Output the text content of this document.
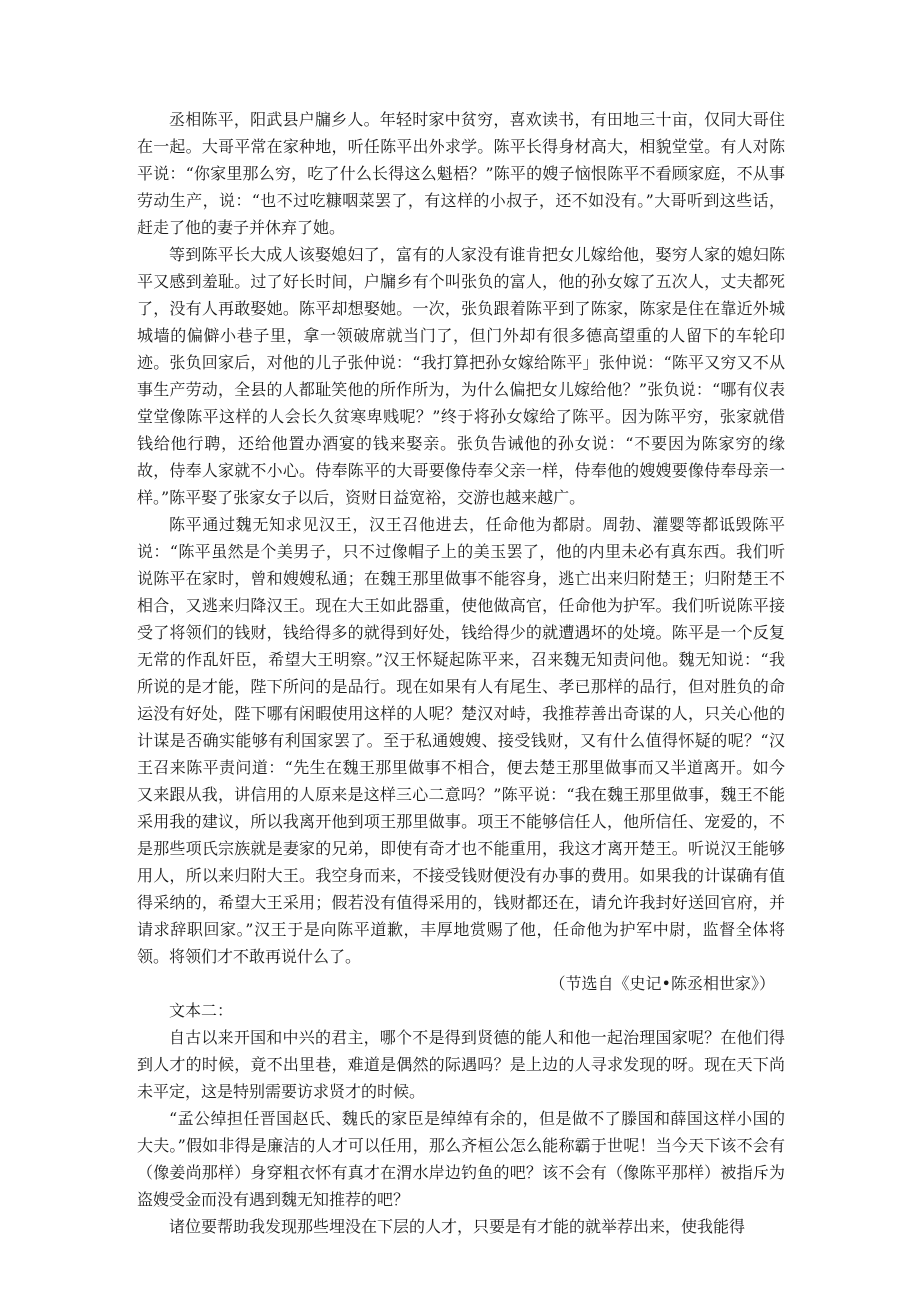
丞相陈平，阳武县户牖乡人。年轻时家中贫穷，喜欢读书，有田地三十亩，仅同大哥住在一起。大哥平常在家种地，听任陈平出外求学。陈平长得身材高大，相貌堂堂。有人对陈平说：“你家里那么穷，吃了什么长得这么魁梧？”陈平的嫂子恼恨陈平不看顾家庭，不从事劳动生产，说：“也不过吃糠咽菜罢了，有这样的小叔子，还不如没有。”大哥听到这些话，赶走了他的妻子并休弃了她。

等到陈平长大成人该娶媳妇了，富有的人家没有谁肯把女儿嫁给他，娶穷人家的媳妇陈平又感到羞耻。过了好长时间，户牖乡有个叫张负的富人，他的孙女嫁了五次人，丈夫都死了，没有人再敢娶她。陈平却想娶她。一次，张负跟着陈平到了陈家，陈家是住在靠近外城城墙的偏僻小巷子里，拿一领破席就当门了，但门外却有很多德高望重的人留下的车轮印迹。张负回家后，对他的儿子张仲说：“我打算把孙女嫁给陈平」张仲说：“陈平又穷又不从事生产劳动，全县的人都耻笑他的所作所为，为什么偏把女儿嫁给他？”张负说：“哪有仪表堂堂像陈平这样的人会长久贫寒卑贱呢？”终于将孙女嫁给了陈平。因为陈平穷，张家就借钱给他行聘，还给他置办酒宴的钱来娶亲。张负告诫他的孙女说：“不要因为陈家穷的缘故，侍奉人家就不小心。侍奉陈平的大哥要像侍奉父亲一样，侍奉他的嫂嫂要像侍奉母亲一样。”陈平娶了张家女子以后，资财日益宽裕，交游也越来越广。

陈平通过魏无知求见汉王，汉王召他进去，任命他为都尉。周勃、灌婴等都诋毁陈平说：“陈平虽然是个美男子，只不过像帽子上的美玉罢了，他的内里未必有真东西。我们听说陈平在家时，曾和嫂嫂私通；在魏王那里做事不能容身，逃亡出来归附楚王；归附楚王不相合，又逃来归降汉王。现在大王如此器重，使他做高官，任命他为护军。我们听说陈平接受了将领们的钱财，钱给得多的就得到好处，钱给得少的就遭遇坏的处境。陈平是一个反复无常的作乱奸臣，希望大王明察。”汉王怀疑起陈平来，召来魏无知责问他。魏无知说：“我所说的是才能，陛下所问的是品行。现在如果有人有尾生、孝已那样的品行，但对胜负的命运没有好处，陛下哪有闲暇使用这样的人呢？楚汉对峙，我推荐善出奇谋的人，只关心他的计谋是否确实能够有利国家罢了。至于私通嫂嫂、接受钱财，又有什么值得怀疑的呢？“汉王召来陈平责问道：“先生在魏王那里做事不相合，便去楚王那里做事而又半道离开。如今又来跟从我，讲信用的人原来是这样三心二意吗？”陈平说：“我在魏王那里做事，魏王不能采用我的建议，所以我离开他到项王那里做事。项王不能够信任人，他所信任、宠爱的，不是那些项氏宗族就是妻家的兄弟，即使有奇才也不能重用，我这才离开楚王。听说汉王能够用人，所以来归附大王。我空身而来，不接受钱财便没有办事的费用。如果我的计谋确有值得采纳的，希望大王采用；假若没有值得采用的，钱财都还在，请允许我封好送回官府，并请求辞职回家。”汉王于是向陈平道歉，丰厚地赏赐了他，任命他为护军中尉，监督全体将领。将领们才不敢再说什么了。

（节选自《史记•陈丞相世家》）

文本二：

自古以来开国和中兴的君主，哪个不是得到贤德的能人和他一起治理国家呢？在他们得到人才的时候，竟不出里巷，难道是偶然的际遇吗？是上边的人寻求发现的呀。现在天下尚未平定，这是特别需要访求贤才的时候。

“孟公绰担任晋国赵氏、魏氏的家臣是绰绰有余的，但是做不了滕国和薛国这样小国的大夫。”假如非得是廉洁的人才可以任用，那么齐桓公怎么能称霸于世呢！当今天下该不会有（像姜尚那样）身穿粗衣怀有真才在渭水岸边钓鱼的吧？该不会有（像陈平那样）被指斥为盗嫂受金而没有遇到魏无知推荐的吧？

诸位要帮助我发现那些埋没在下层的人才，只要是有才能的就举荐出来，使我能得
